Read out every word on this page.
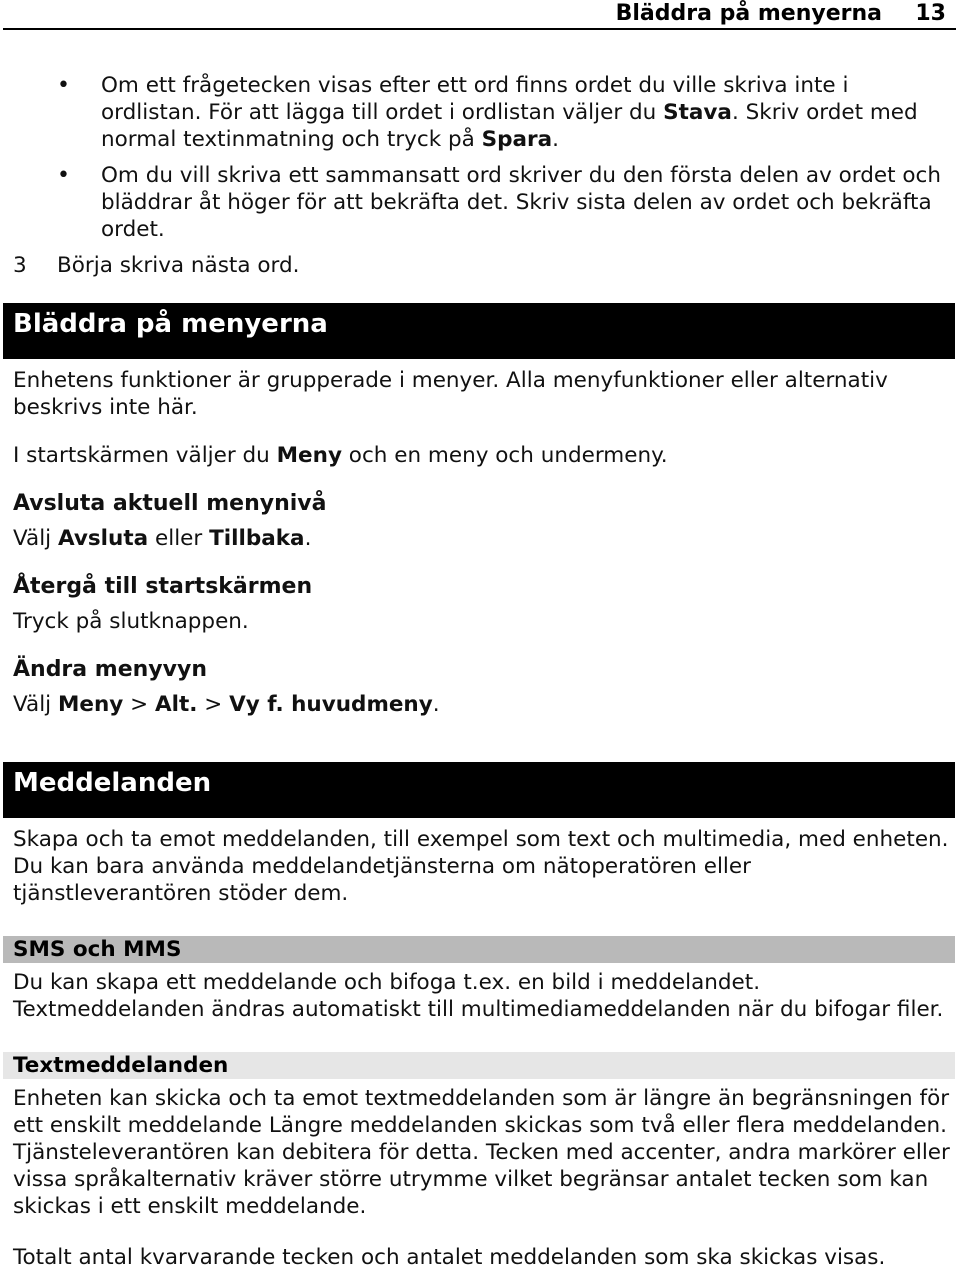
Bläddra på menyerna 13
• Om ett frågetecken visas efter ett ord finns ordet du ville skriva inte i ordlistan. För att lägga till ordet i ordlistan väljer du Stava. Skriv ordet med normal textinmatning och tryck på Spara.
• Om du vill skriva ett sammansatt ord skriver du den första delen av ordet och bläddrar åt höger för att bekräfta det. Skriv sista delen av ordet och bekräfta ordet.
3 Börja skriva nästa ord.
Bläddra på menyerna
Enhetens funktioner är grupperade i menyer. Alla menyfunktioner eller alternativ beskrivs inte här.
I startskärmen väljer du Meny och en meny och undermeny.
Avsluta aktuell menynivå
Välj Avsluta eller Tillbaka.
Återgå till startskärmen
Tryck på slutknappen.
Ändra menyvyn
Välj Meny > Alt. > Vy f. huvudmeny.
Meddelanden
Skapa och ta emot meddelanden, till exempel som text och multimedia, med enheten. Du kan bara använda meddelandetjänsterna om nätoperatören eller tjänstleverantören stöder dem.
SMS och MMS
Du kan skapa ett meddelande och bifoga t.ex. en bild i meddelandet. Textmeddelanden ändras automatiskt till multimediameddelanden när du bifogar filer.
Textmeddelanden
Enheten kan skicka och ta emot textmeddelanden som är längre än begränsningen för ett enskilt meddelande Längre meddelanden skickas som två eller flera meddelanden. Tjänsteleverantören kan debitera för detta. Tecken med accenter, andra markörer eller vissa språkalternativ kräver större utrymme vilket begränsar antalet tecken som kan skickas i ett enskilt meddelande.
Totalt antal kvarvarande tecken och antalet meddelanden som ska skickas visas.
